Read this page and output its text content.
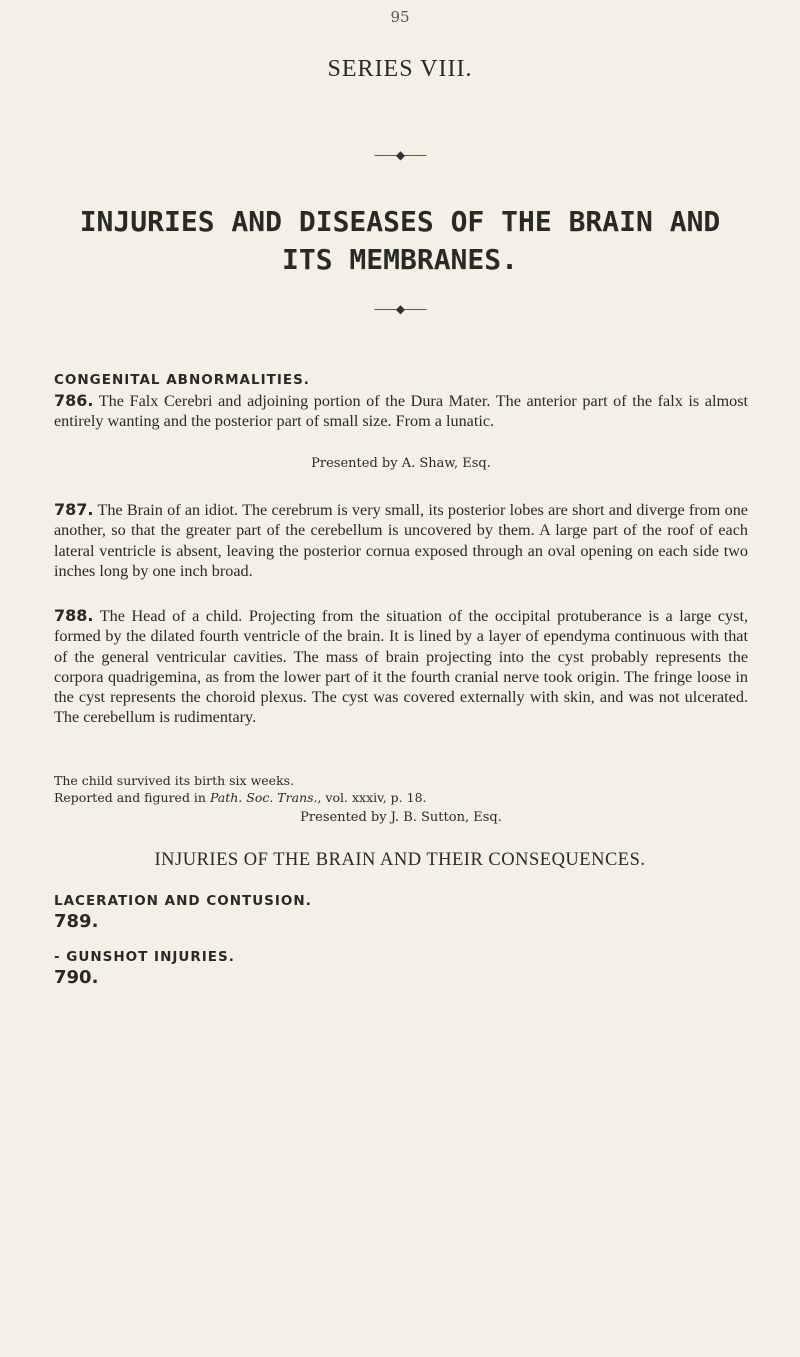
95
SERIES VIII.
——◆——
INJURIES AND DISEASES OF THE BRAIN AND
ITS MEMBRANES.
——◆——
CONGENITAL ABNORMALITIES.
786. The Falx Cerebri and adjoining portion of the Dura Mater. The anterior part of the falx is almost entirely wanting and the posterior part of small size. From a lunatic.
Presented by A. Shaw, Esq.
787. The Brain of an idiot. The cerebrum is very small, its posterior lobes are short and diverge from one another, so that the greater part of the cerebellum is uncovered by them. A large part of the roof of each lateral ventricle is absent, leaving the posterior cornua exposed through an oval opening on each side two inches long by one inch broad.
788. The Head of a child. Projecting from the situation of the occipital protuberance is a large cyst, formed by the dilated fourth ventricle of the brain. It is lined by a layer of ependyma continuous with that of the general ventricular cavities. The mass of brain projecting into the cyst probably represents the corpora quadrigemina, as from the lower part of it the fourth cranial nerve took origin. The fringe loose in the cyst represents the choroid plexus. The cyst was covered externally with skin, and was not ulcerated. The cerebellum is rudimentary.
The child survived its birth six weeks.
Reported and figured in Path. Soc. Trans., vol. xxxiv, p. 18.
Presented by J. B. Sutton, Esq.
INJURIES OF THE BRAIN AND THEIR CONSEQUENCES.
LACERATION AND CONTUSION.
789.
- GUNSHOT INJURIES.
790.
